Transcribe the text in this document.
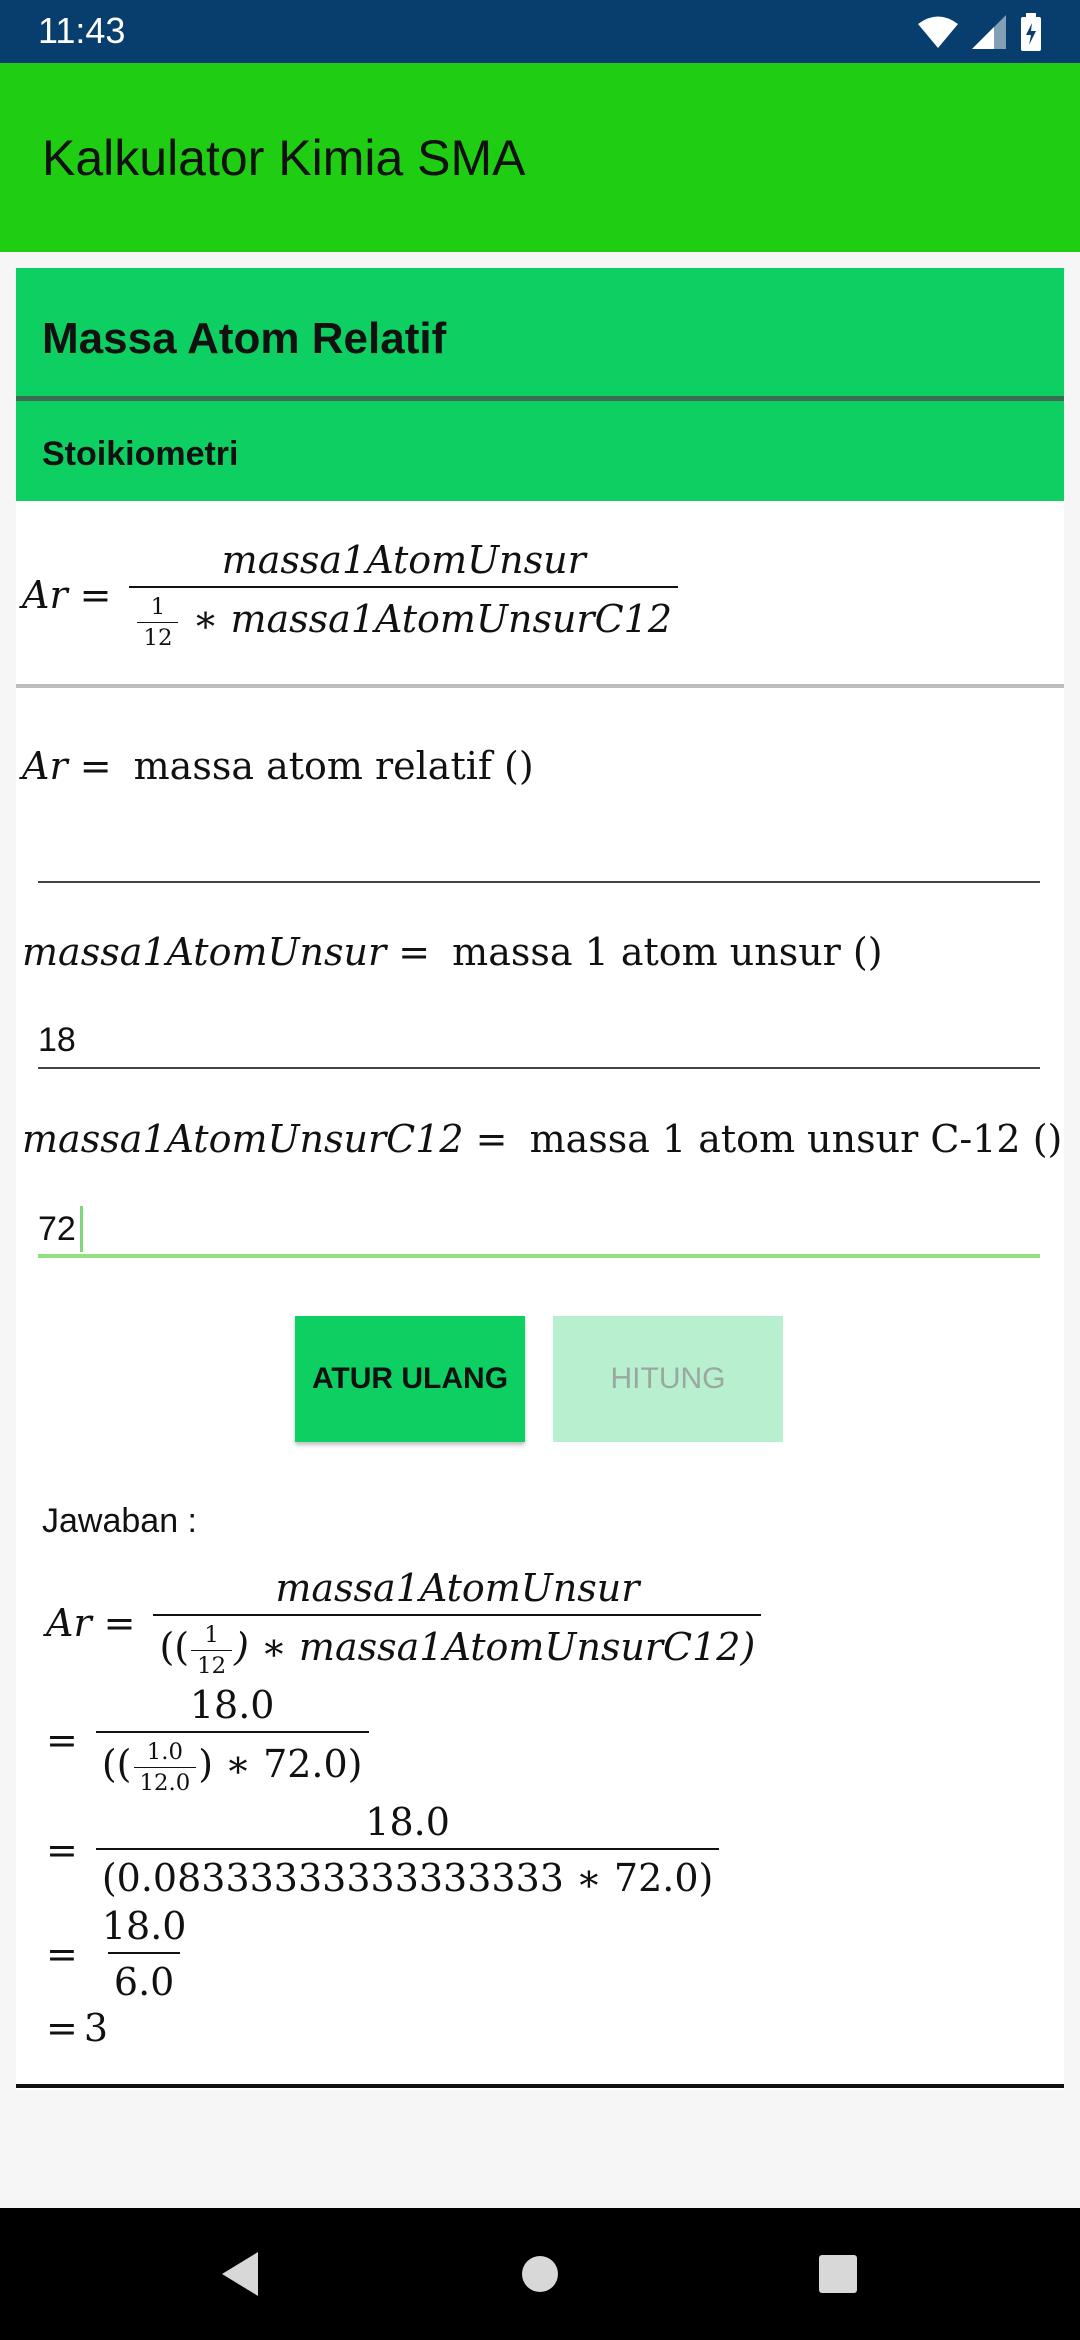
11:43
Kalkulator Kimia SMA
Massa Atom Relatif
Stoikiometri
$Ar = \frac{\text{massa1AtomUnsur}}{\frac{1}{12} ∗ massa1AtomUnsurC12}$
Ar = massa atom relatif ()
massa1AtomUnsur = massa 1 atom unsur ()
18
massa1AtomUnsurC12 = massa 1 atom unsur C-12 ()
72
ATUR ULANG	HITUNG
Jawaban :
$Ar = \frac{\text{massa1AtomUnsur}}{(( \frac{1}{12} ) ∗ massa1AtomUnsurC12)}$
= $\frac{18.0}{(( \frac{1.0}{12.0} ) ∗ 72.0)}$
= $\frac{18.0}{(0.08333333333333333 ∗ 72.0)}$
= $\frac{18.0}{6.0}$
= 3
